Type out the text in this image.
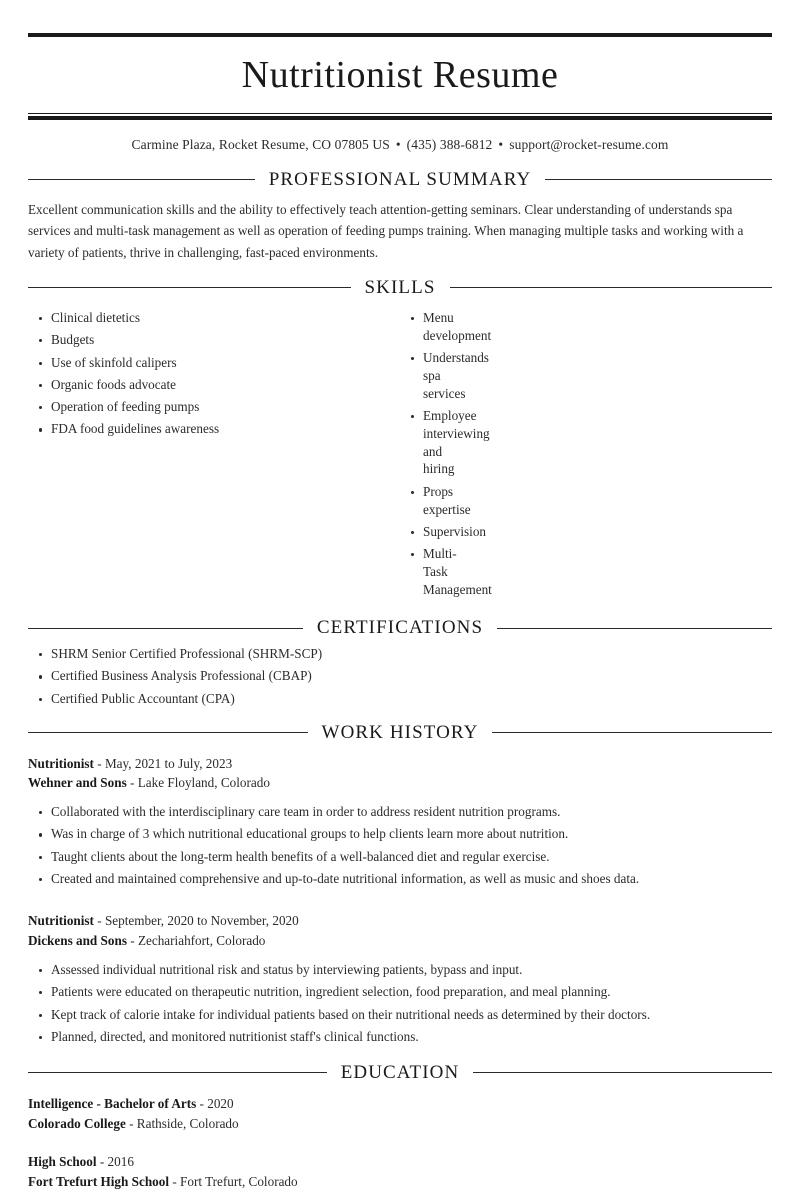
Nutritionist Resume
Carmine Plaza, Rocket Resume, CO 07805 US • (435) 388-6812 • support@rocket-resume.com
PROFESSIONAL SUMMARY

Excellent communication skills and the ability to effectively teach attention-getting seminars. Clear understanding of understands spa services and multi-task management as well as operation of feeding pumps training. When managing multiple tasks and working with a variety of patients, thrive in challenging, fast-paced environments.

SKILLS
Clinical dietetics
Budgets
Use of skinfold calipers
Organic foods advocate
Operation of feeding pumps
FDA food guidelines awareness
Menu development
Understands spa services
Employee interviewing and hiring
Props expertise
Supervision
Multi-Task Management
CERTIFICATIONS
SHRM Senior Certified Professional (SHRM-SCP)
Certified Business Analysis Professional (CBAP)
Certified Public Accountant (CPA)
WORK HISTORY
Nutritionist - May, 2021 to July, 2023
Wehner and Sons - Lake Floyland, Colorado
Collaborated with the interdisciplinary care team in order to address resident nutrition programs.
Was in charge of 3 which nutritional educational groups to help clients learn more about nutrition.
Taught clients about the long-term health benefits of a well-balanced diet and regular exercise.
Created and maintained comprehensive and up-to-date nutritional information, as well as music and shoes data.
Nutritionist - September, 2020 to November, 2020
Dickens and Sons - Zechariahfort, Colorado
Assessed individual nutritional risk and status by interviewing patients, bypass and input.
Patients were educated on therapeutic nutrition, ingredient selection, food preparation, and meal planning.
Kept track of calorie intake for individual patients based on their nutritional needs as determined by their doctors.
Planned, directed, and monitored nutritionist staff's clinical functions.
EDUCATION
Intelligence - Bachelor of Arts - 2020
Colorado College - Rathside, Colorado
High School - 2016
Fort Trefurt High School - Fort Trefurt, Colorado
